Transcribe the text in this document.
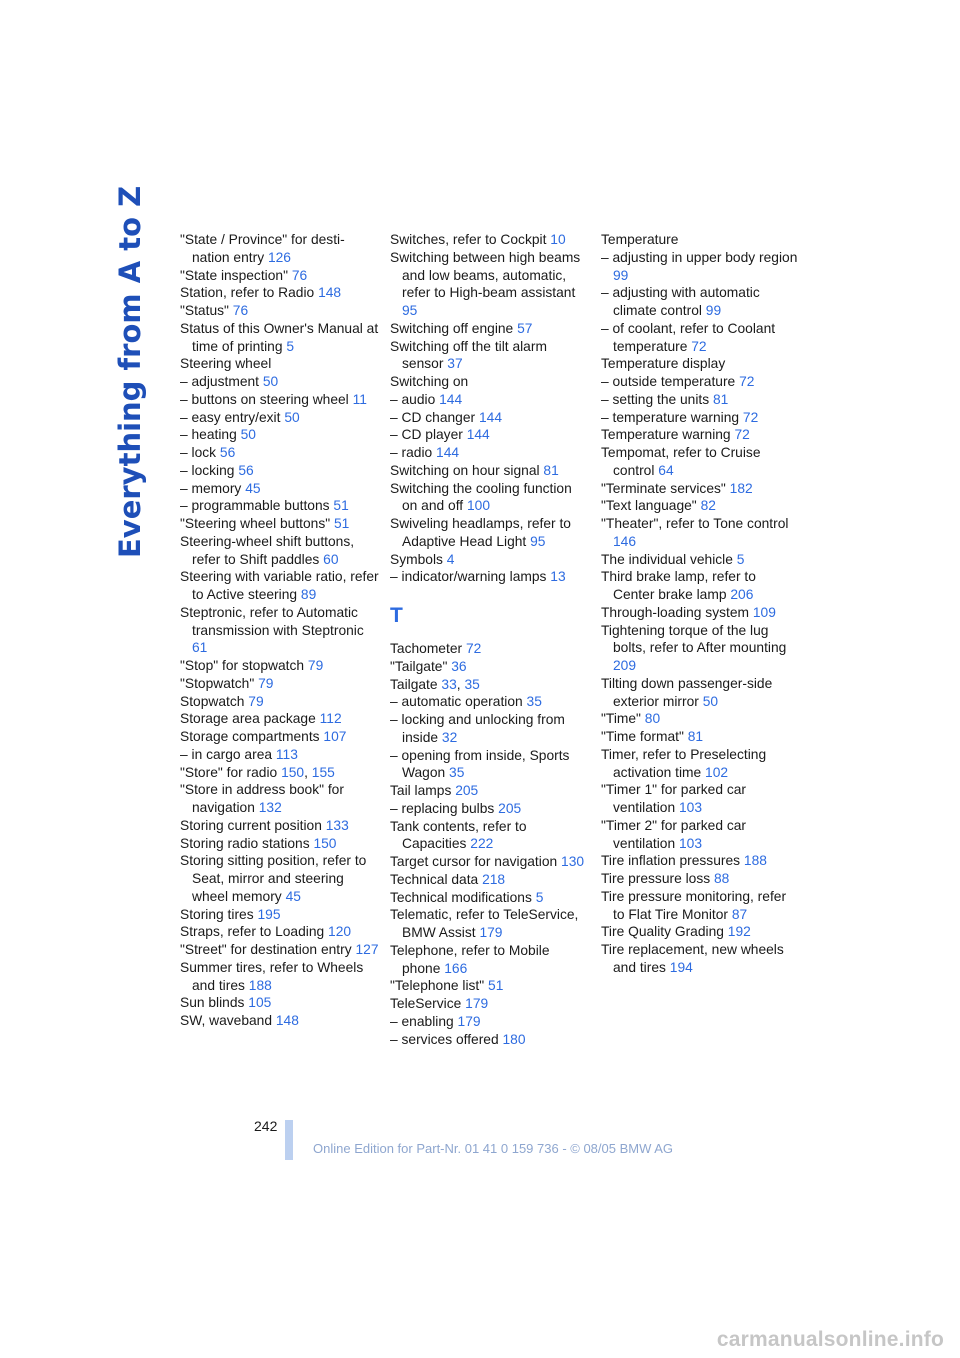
Everything from A to Z	"State / Province" for desti-nation entry 126
"State inspection" 76
Station, refer to Radio 148
"Status" 76
Status of this Owner's Manual at time of printing 5
Steering wheel
– adjustment 50
– buttons on steering wheel 11
– easy entry/exit 50
– heating 50
– lock 56
– locking 56
– memory 45
– programmable buttons 51
"Steering wheel buttons" 51
Steering-wheel shift buttons, refer to Shift paddles 60
Steering with variable ratio, refer to Active steering 89
Steptronic, refer to Automatic transmission with Steptronic 61
"Stop" for stopwatch 79
"Stopwatch" 79
Stopwatch 79
Storage area package 112
Storage compartments 107
– in cargo area 113
"Store" for radio 150, 155
"Store in address book" for navigation 132
Storing current position 133
Storing radio stations 150
Storing sitting position, refer to Seat, mirror and steering wheel memory 45
Storing tires 195
Straps, refer to Loading 120
"Street" for destination entry 127
Summer tires, refer to Wheels and tires 188
Sun blinds 105
SW, waveband 148
Switches, refer to Cockpit 10
Switching between high beams and low beams, automatic, refer to High-beam assistant 95
Switching off engine 57
Switching off the tilt alarm sensor 37
Switching on
– audio 144
– CD changer 144
– CD player 144
– radio 144
Switching on hour signal 81
Switching the cooling function on and off 100
Swiveling headlamps, refer to Adaptive Head Light 95
Symbols 4
– indicator/warning lamps 13
T
Tachometer 72
"Tailgate" 36
Tailgate 33, 35
– automatic operation 35
– locking and unlocking from inside 32
– opening from inside, Sports Wagon 35
Tail lamps 205
– replacing bulbs 205
Tank contents, refer to Capacities 222
Target cursor for navigation 130
Technical data 218
Technical modifications 5
Telematic, refer to TeleService, BMW Assist 179
Telephone, refer to Mobile phone 166
"Telephone list" 51
TeleService 179
– enabling 179
– services offered 180
Temperature
– adjusting in upper body region 99
– adjusting with automatic climate control 99
– of coolant, refer to Coolant temperature 72
Temperature display
– outside temperature 72
– setting the units 81
– temperature warning 72
Temperature warning 72
Tempomat, refer to Cruise control 64
"Terminate services" 182
"Text language" 82
"Theater", refer to Tone control 146
The individual vehicle 5
Third brake lamp, refer to Center brake lamp 206
Through-loading system 109
Tightening torque of the lug bolts, refer to After mounting 209
Tilting down passenger-side exterior mirror 50
"Time" 80
"Time format" 81
Timer, refer to Preselecting activation time 102
"Timer 1" for parked car ventilation 103
"Timer 2" for parked car ventilation 103
Tire inflation pressures 188
Tire pressure loss 88
Tire pressure monitoring, refer to Flat Tire Monitor 87
Tire Quality Grading 192
Tire replacement, new wheels and tires 194
242
Online Edition for Part-Nr. 01 41 0 159 736 - © 08/05 BMW AG
carmanualsonline.info
